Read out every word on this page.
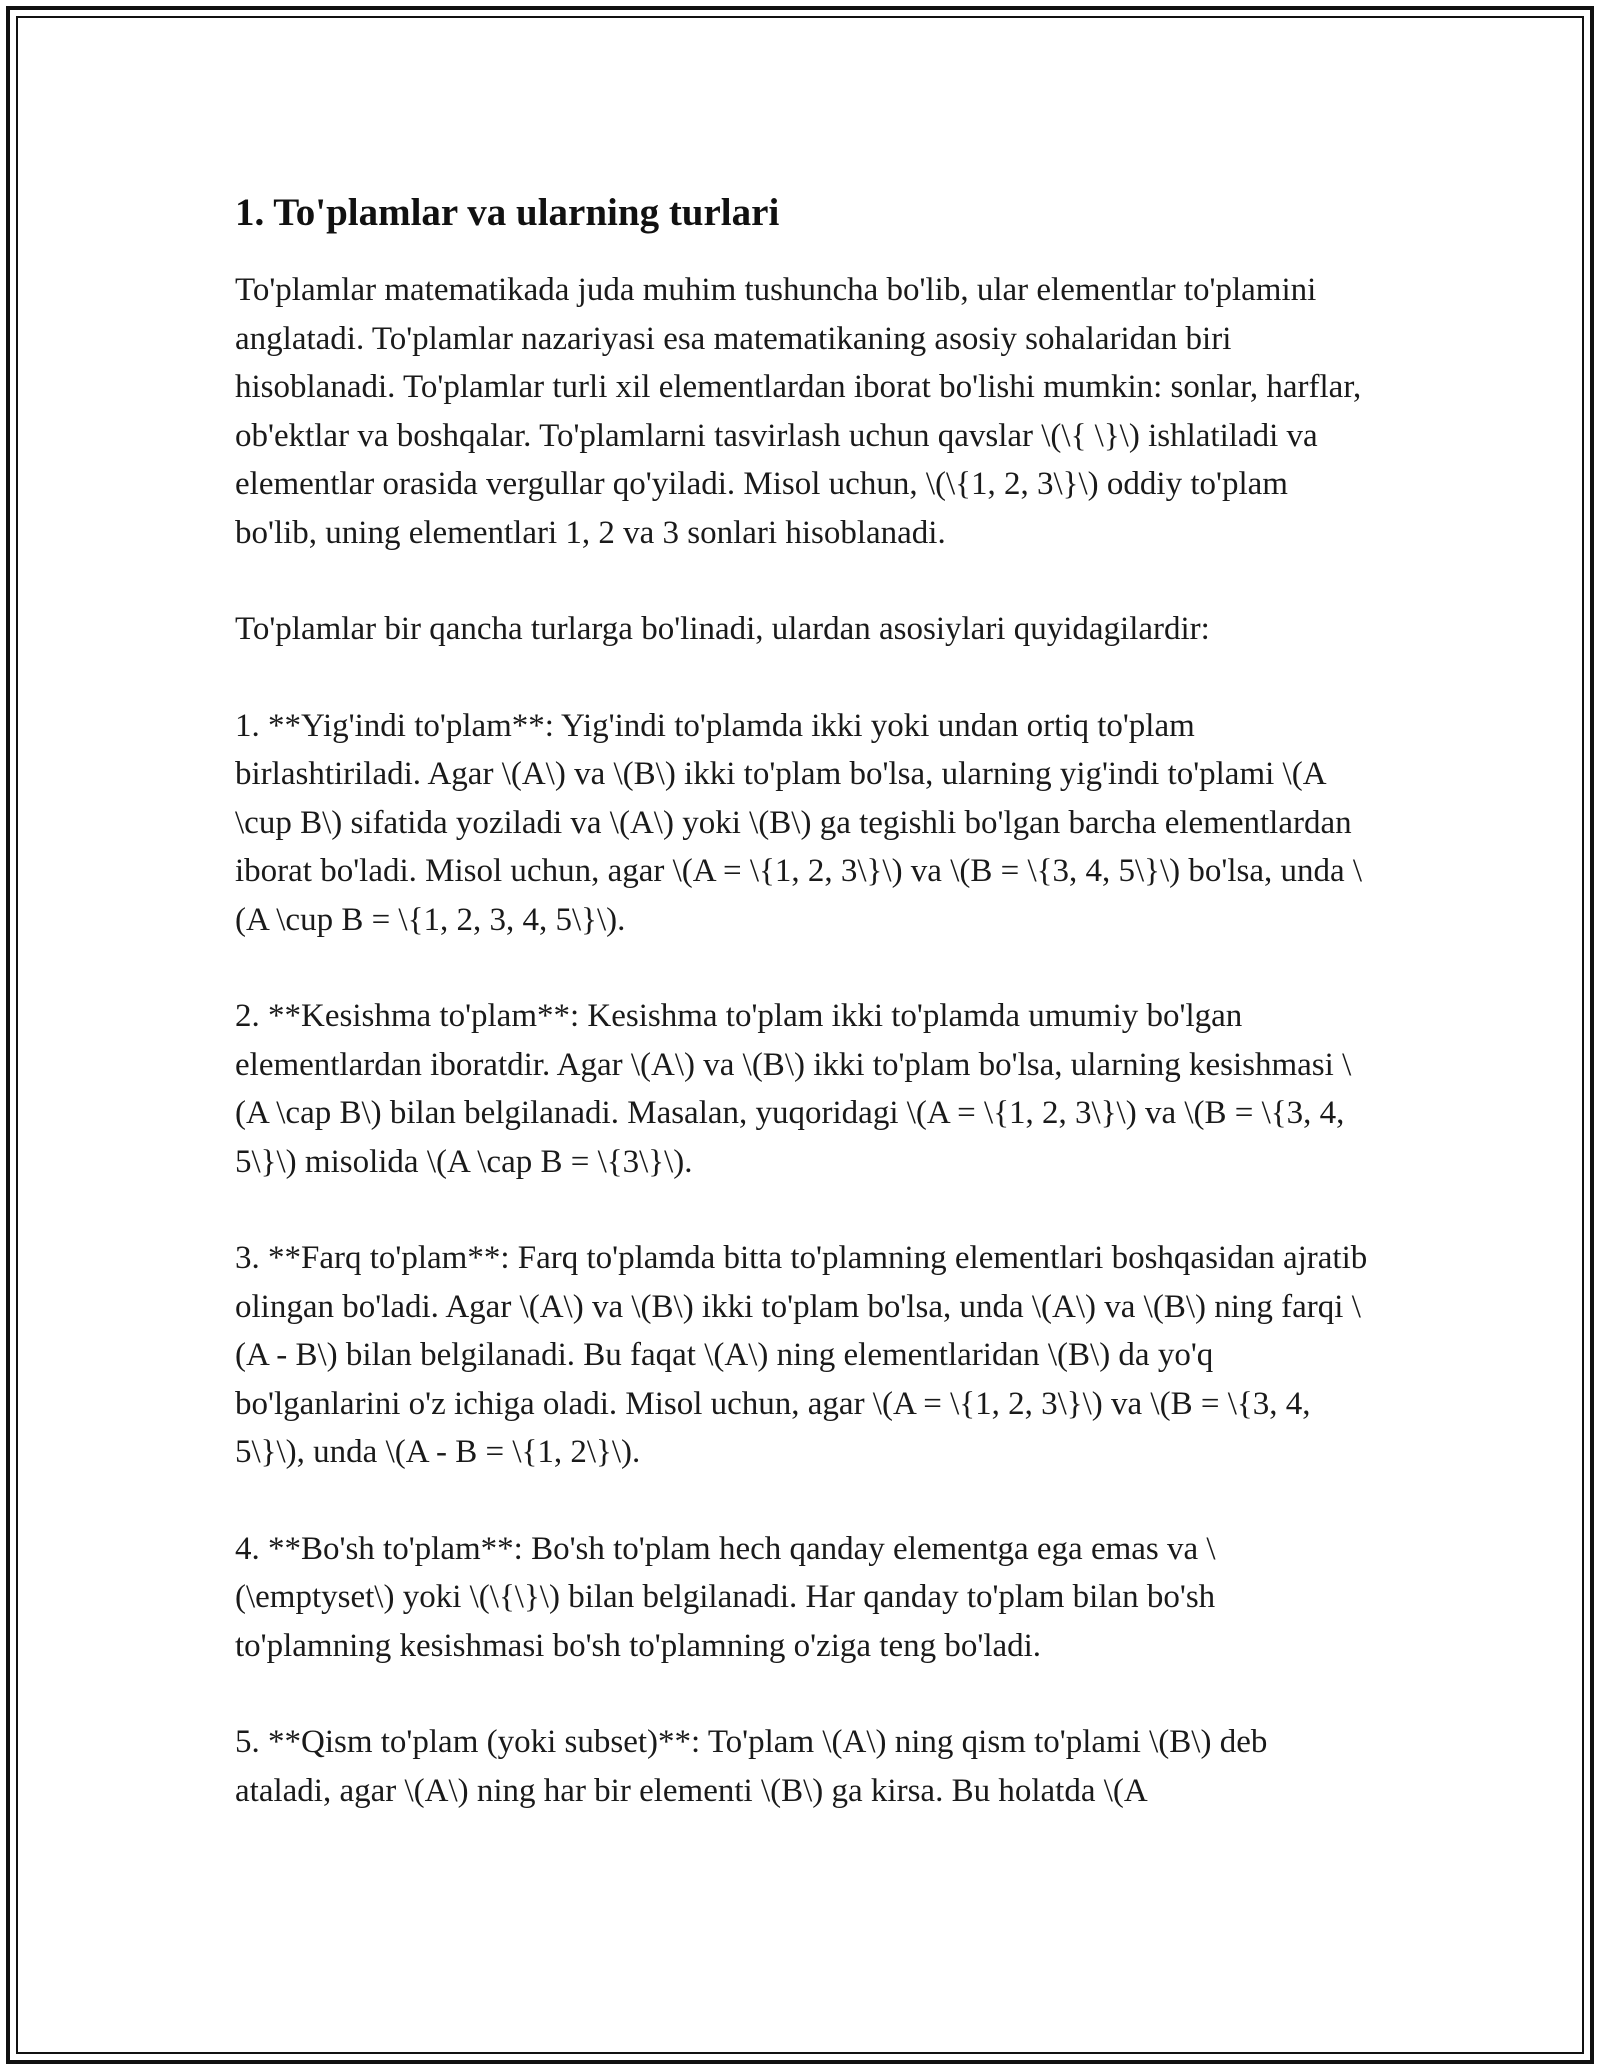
1. To'plamlar va ularning turlari

To'plamlar matematikada juda muhim tushuncha bo'lib, ular elementlar to'plamini anglatadi. To'plamlar nazariyasi esa matematikaning asosiy sohalaridan biri hisoblanadi. To'plamlar turli xil elementlardan iborat bo'lishi mumkin: sonlar, harflar, ob'ektlar va boshqalar. To'plamlarni tasvirlash uchun qavslar \(\{ \}\) ishlatiladi va elementlar orasida vergullar qo'yiladi. Misol uchun, \(\{1, 2, 3\}\) oddiy to'plam bo'lib, uning elementlari 1, 2 va 3 sonlari hisoblanadi.

To'plamlar bir qancha turlarga bo'linadi, ulardan asosiylari quyidagilardir:

1. **Yig'indi to'plam**: Yig'indi to'plamda ikki yoki undan ortiq to'plam birlashtiriladi. Agar \(A\) va \(B\) ikki to'plam bo'lsa, ularning yig'indi to'plami \(A \cup B\) sifatida yoziladi va \(A\) yoki \(B\) ga tegishli bo'lgan barcha elementlardan iborat bo'ladi. Misol uchun, agar \(A = \{1, 2, 3\}\) va \(B = \{3, 4, 5\}\) bo'lsa, unda \(A \cup B = \{1, 2, 3, 4, 5\}\).

2. **Kesishma to'plam**: Kesishma to'plam ikki to'plamda umumiy bo'lgan elementlardan iboratdir. Agar \(A\) va \(B\) ikki to'plam bo'lsa, ularning kesishmasi \(A \cap B\) bilan belgilanadi. Masalan, yuqoridagi \(A = \{1, 2, 3\}\) va \(B = \{3, 4, 5\}\) misolida \(A \cap B = \{3\}\).

3. **Farq to'plam**: Farq to'plamda bitta to'plamning elementlari boshqasidan ajratib olingan bo'ladi. Agar \(A\) va \(B\) ikki to'plam bo'lsa, unda \(A\) va \(B\) ning farqi \(A - B\) bilan belgilanadi. Bu faqat \(A\) ning elementlaridan \(B\) da yo'q bo'lganlarini o'z ichiga oladi. Misol uchun, agar \(A = \{1, 2, 3\}\) va \(B = \{3, 4, 5\}\), unda \(A - B = \{1, 2\}\).

4. **Bo'sh to'plam**: Bo'sh to'plam hech qanday elementga ega emas va \(\emptyset\) yoki \(\{\}\) bilan belgilanadi. Har qanday to'plam bilan bo'sh to'plamning kesishmasi bo'sh to'plamning o'ziga teng bo'ladi.

5. **Qism to'plam (yoki subset)**: To'plam \(A\) ning qism to'plami \(B\) deb ataladi, agar \(A\) ning har bir elementi \(B\) ga kirsa. Bu holatda \(A
